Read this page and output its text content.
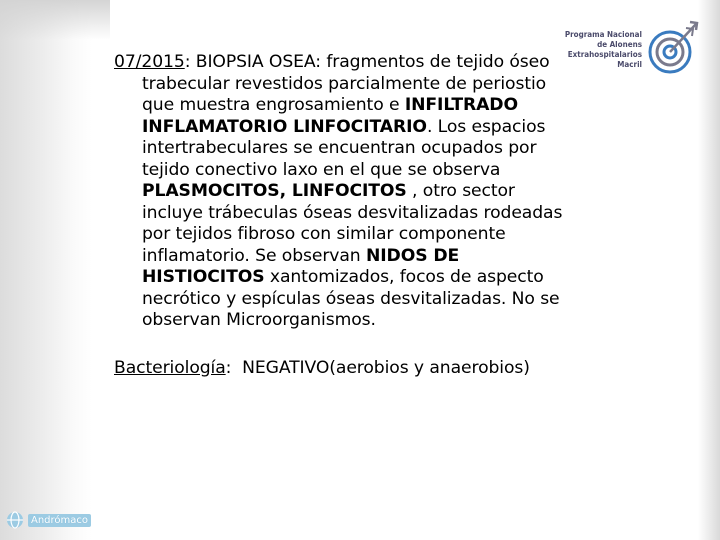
Programa Nacional
de Alonens
Extrahospitalarios
Macril
Andrómaco
07/2015: BIOPSIA OSEA: fragmentos de tejido óseo trabecular revestidos parcialmente de periostio que muestra engrosamiento e INFILTRADO INFLAMATORIO LINFOCITARIO. Los espacios intertrabeculares se encuentran ocupados por tejido conectivo laxo en el que se observa PLASMOCITOS, LINFOCITOS , otro sector incluye trábeculas óseas desvitalizadas rodeadas por tejidos fibroso con similar componente inflamatorio. Se observan NIDOS DE HISTIOCITOS xantomizados, focos de aspecto necrótico y espículas óseas desvitalizadas. No se observan Microorganismos.
Bacteriología:  NEGATIVO(aerobios y anaerobios)
